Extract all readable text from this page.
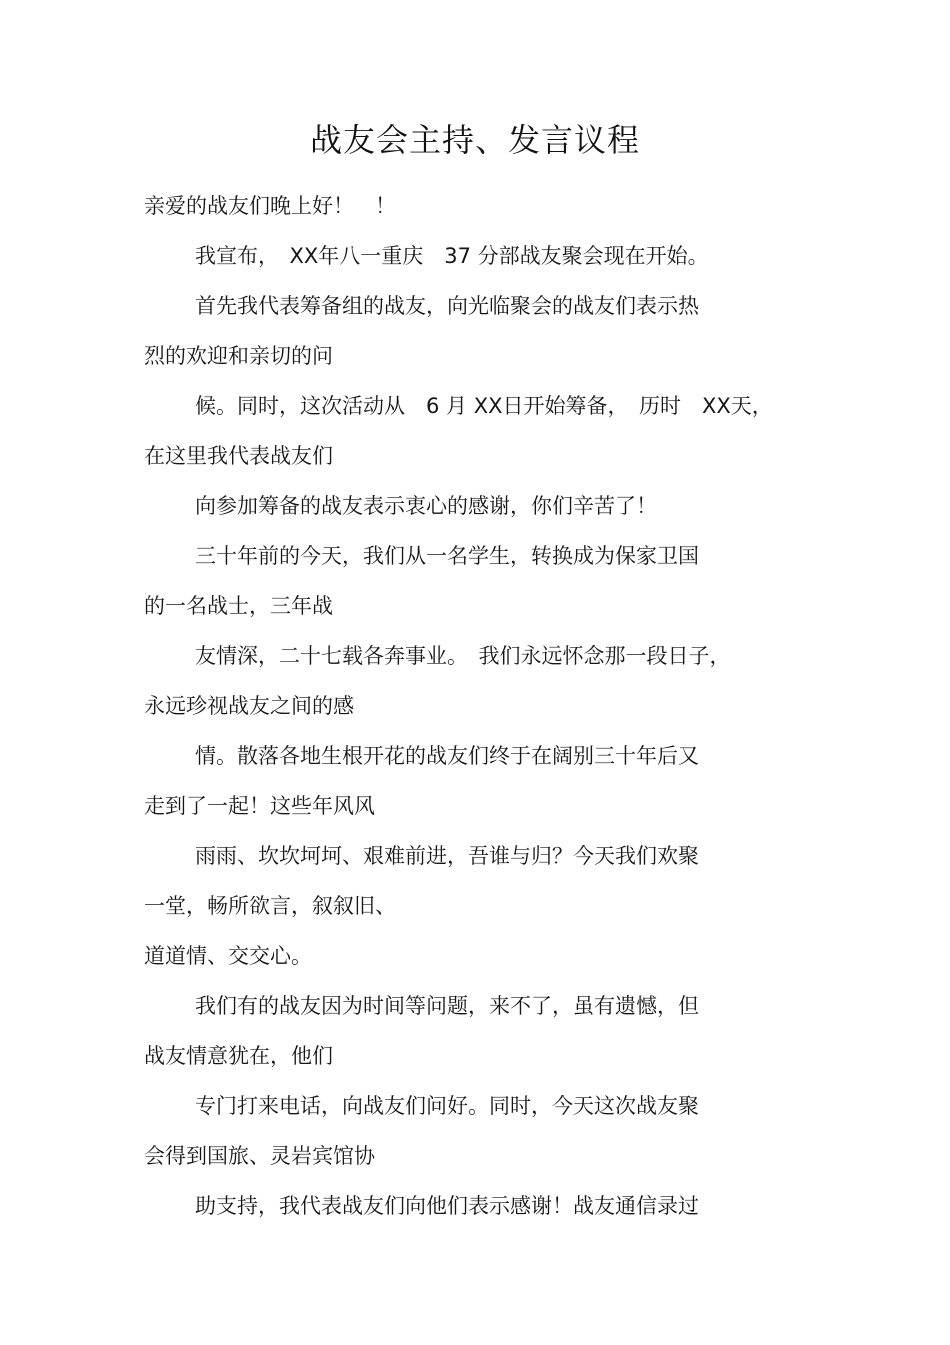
战友会主持、发言议程
亲爱的战友们晚上好！　！
我宣布，　XX年八一重庆　37 分部战友聚会现在开始。
首先我代表筹备组的战友，向光临聚会的战友们表示热
烈的欢迎和亲切的问
候。同时，这次活动从　6 月 XX日开始筹备，　历时　XX天，
在这里我代表战友们
向参加筹备的战友表示衷心的感谢，你们辛苦了！
三十年前的今天，我们从一名学生，转换成为保家卫国
的一名战士，三年战
友情深，二十七载各奔事业。　我们永远怀念那一段日子，
永远珍视战友之间的感
情。散落各地生根开花的战友们终于在阔别三十年后又
走到了一起！这些年风风
雨雨、坎坎坷坷、艰难前进，吾谁与归？今天我们欢聚
一堂，畅所欲言，叙叙旧、
道道情、交交心。
我们有的战友因为时间等问题，来不了，虽有遗憾，但
战友情意犹在，他们
专门打来电话，向战友们问好。同时，今天这次战友聚
会得到国旅、灵岩宾馆协
助支持，我代表战友们向他们表示感谢！战友通信录过
